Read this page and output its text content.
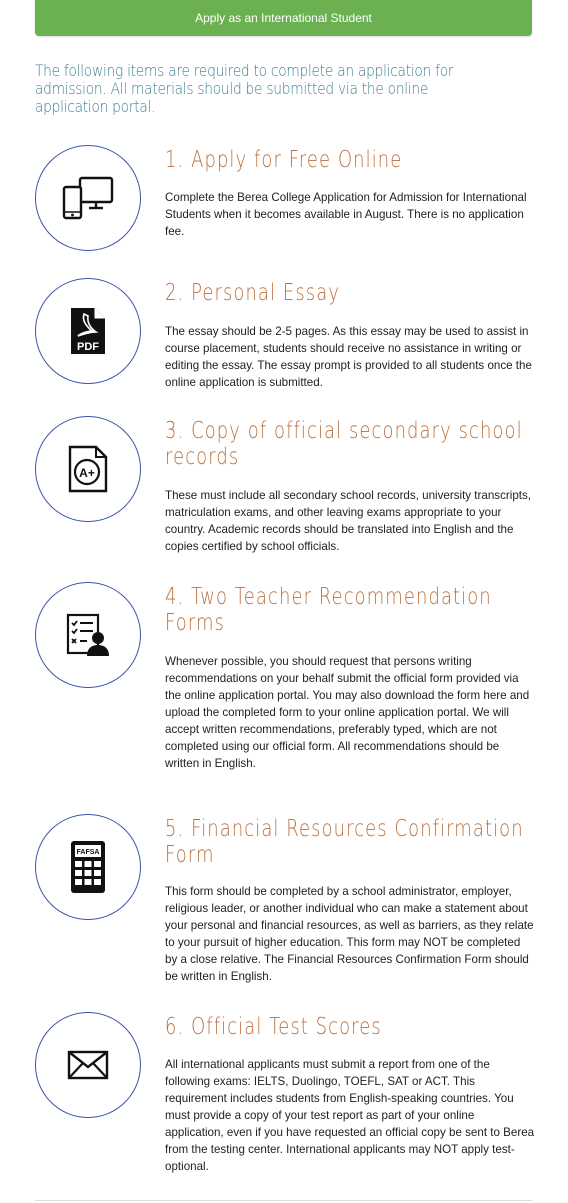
Apply as an International Student
The following items are required to complete an application for admission. All materials should be submitted via the online application portal.
1. Apply for Free Online
Complete the Berea College Application for Admission for International Students when it becomes available in August. There is no application fee.
PDF
2. Personal Essay
The essay should be 2-5 pages. As this essay may be used to assist in course placement, students should receive no assistance in writing or editing the essay. The essay prompt is provided to all students once the online application is submitted.
A+
3. Copy of official secondary school
records
These must include all secondary school records, university transcripts, matriculation exams, and other leaving exams appropriate to your country. Academic records should be translated into English and the copies certified by school officials.
4. Two Teacher Recommendation
Forms
Whenever possible, you should request that persons writing recommendations on your behalf submit the official form provided via the online application portal. You may also download the form here and upload the completed form to your online application portal. We will accept written recommendations, preferably typed, which are not completed using our official form. All recommendations should be written in English.
FAFSA
5. Financial Resources Confirmation
Form
This form should be completed by a school administrator, employer, religious leader, or another individual who can make a statement about your personal and financial resources, as well as barriers, as they relate to your pursuit of higher education. This form may NOT be completed by a close relative. The Financial Resources Confirmation Form should be written in English.
6. Official Test Scores
All international applicants must submit a report from one of the following exams: IELTS, Duolingo, TOEFL, SAT or ACT. This requirement includes students from English-speaking countries. You must provide a copy of your test report as part of your online application, even if you have requested an official copy be sent to Berea from the testing center. International applicants may NOT apply test-optional.
